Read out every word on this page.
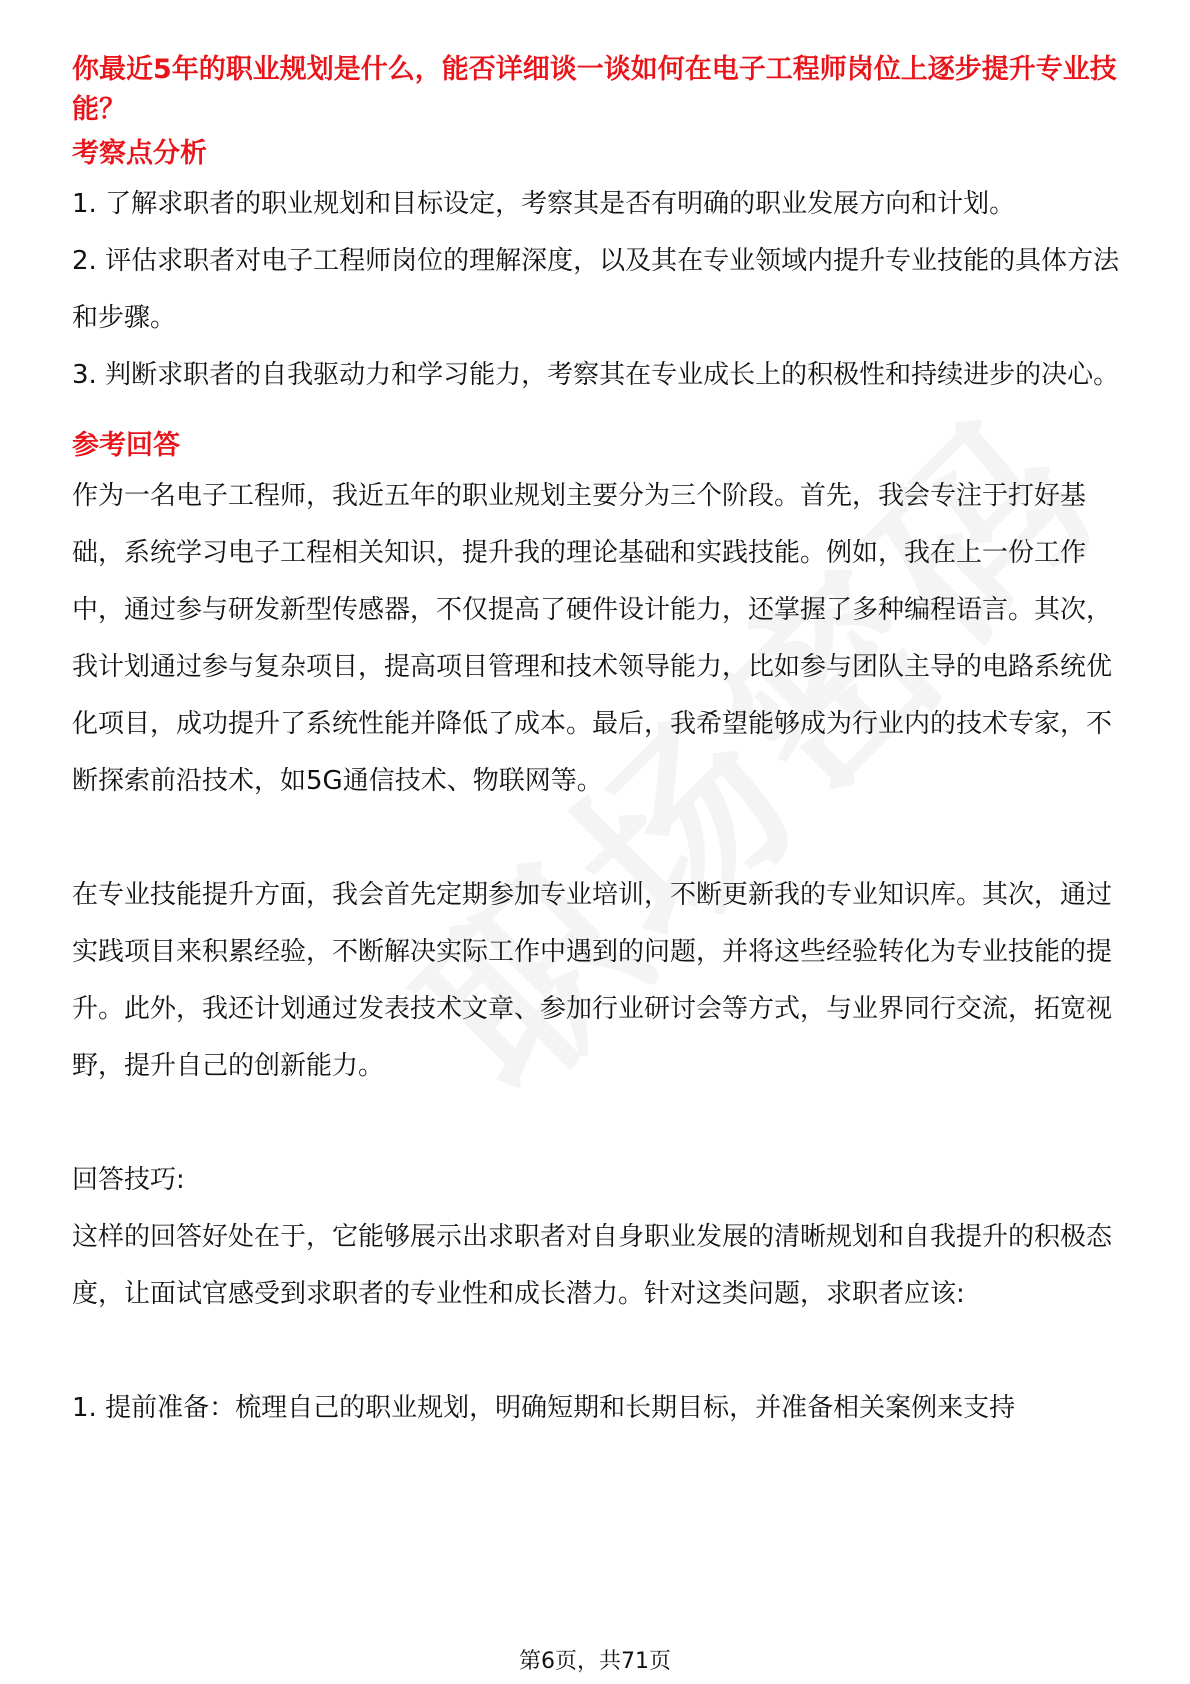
你最近5年的职业规划是什么，能否详细谈一谈如何在电子工程师岗位上逐步提升专业技能？

考察点分析

1. 了解求职者的职业规划和目标设定，考察其是否有明确的职业发展方向和计划。

2. 评估求职者对电子工程师岗位的理解深度，以及其在专业领域内提升专业技能的具体方法和步骤。

3. 判断求职者的自我驱动力和学习能力，考察其在专业成长上的积极性和持续进步的决心。

参考回答

作为一名电子工程师，我近五年的职业规划主要分为三个阶段。首先，我会专注于打好基础，系统学习电子工程相关知识，提升我的理论基础和实践技能。例如，我在上一份工作中，通过参与研发新型传感器，不仅提高了硬件设计能力，还掌握了多种编程语言。其次，我计划通过参与复杂项目，提高项目管理和技术领导能力，比如参与团队主导的电路系统优化项目，成功提升了系统性能并降低了成本。最后，我希望能够成为行业内的技术专家，不断探索前沿技术，如5G通信技术、物联网等。

在专业技能提升方面，我会首先定期参加专业培训，不断更新我的专业知识库。其次，通过实践项目来积累经验，不断解决实际工作中遇到的问题，并将这些经验转化为专业技能的提升。此外，我还计划通过发表技术文章、参加行业研讨会等方式，与业界同行交流，拓宽视野，提升自己的创新能力。

回答技巧:

这样的回答好处在于，它能够展示出求职者对自身职业发展的清晰规划和自我提升的积极态度，让面试官感受到求职者的专业性和成长潜力。针对这类问题，求职者应该:

1. 提前准备：梳理自己的职业规划，明确短期和长期目标，并准备相关案例来支持

第6页，共71页
